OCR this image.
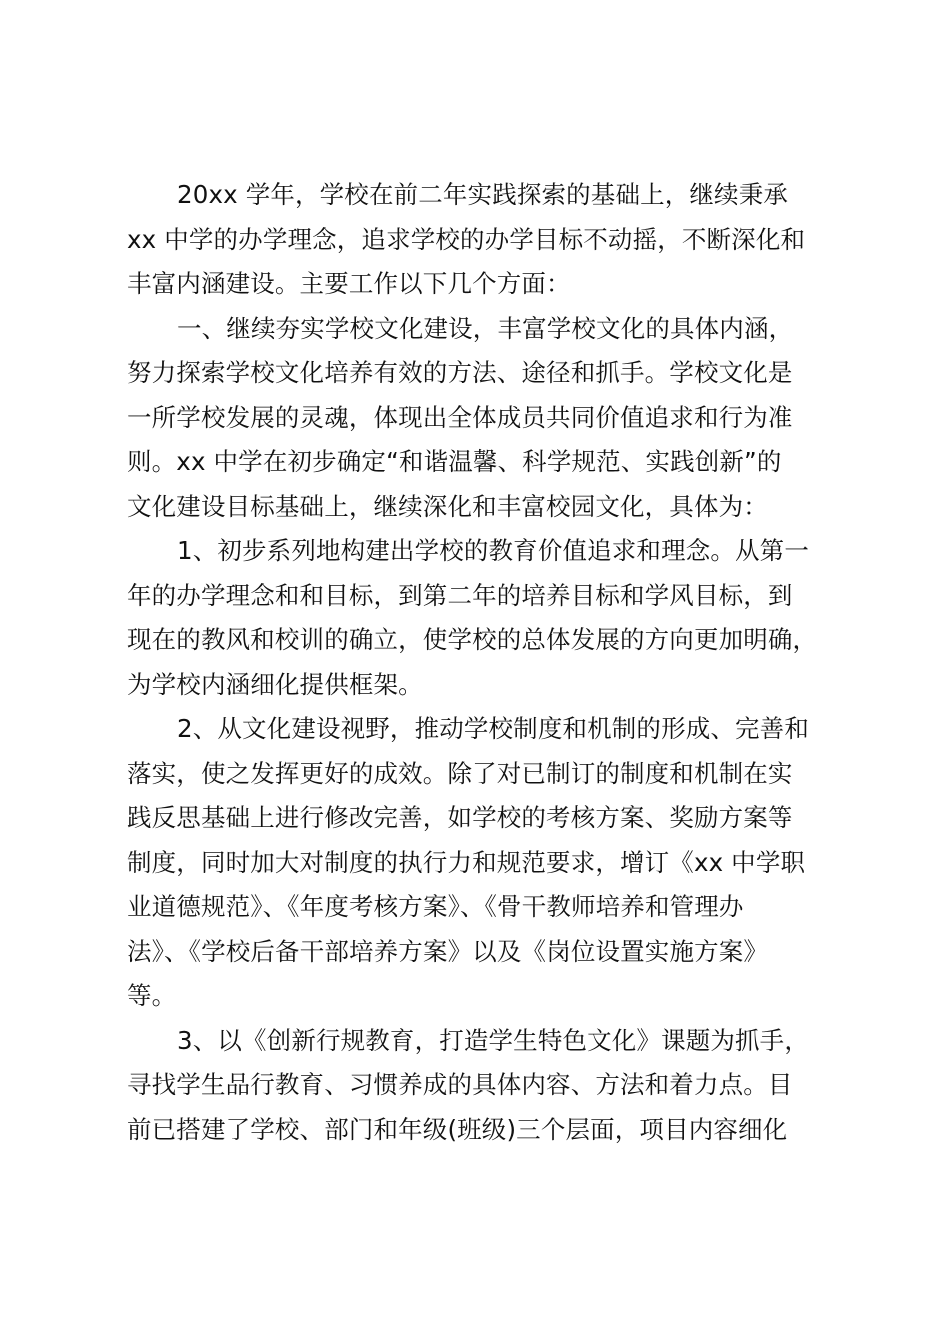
20xx 学年，学校在前二年实践探索的基础上，继续秉承
xx 中学的办学理念，追求学校的办学目标不动摇，不断深化和
丰富内涵建设。主要工作以下几个方面：
一、继续夯实学校文化建设，丰富学校文化的具体内涵，
努力探索学校文化培养有效的方法、途径和抓手。学校文化是
一所学校发展的灵魂，体现出全体成员共同价值追求和行为准
则。xx 中学在初步确定“和谐温馨、科学规范、实践创新”的
文化建设目标基础上，继续深化和丰富校园文化，具体为：
1、初步系列地构建出学校的教育价值追求和理念。从第一
年的办学理念和和目标，到第二年的培养目标和学风目标，到
现在的教风和校训的确立，使学校的总体发展的方向更加明确，
为学校内涵细化提供框架。
2、从文化建设视野，推动学校制度和机制的形成、完善和
落实，使之发挥更好的成效。除了对已制订的制度和机制在实
践反思基础上进行修改完善，如学校的考核方案、奖励方案等
制度，同时加大对制度的执行力和规范要求，增订《xx 中学职
业道德规范》、《年度考核方案》、《骨干教师培养和管理办
法》、《学校后备干部培养方案》以及《岗位设置实施方案》
等。
3、以《创新行规教育，打造学生特色文化》课题为抓手，
寻找学生品行教育、习惯养成的具体内容、方法和着力点。目
前已搭建了学校、部门和年级(班级)三个层面，项目内容细化
